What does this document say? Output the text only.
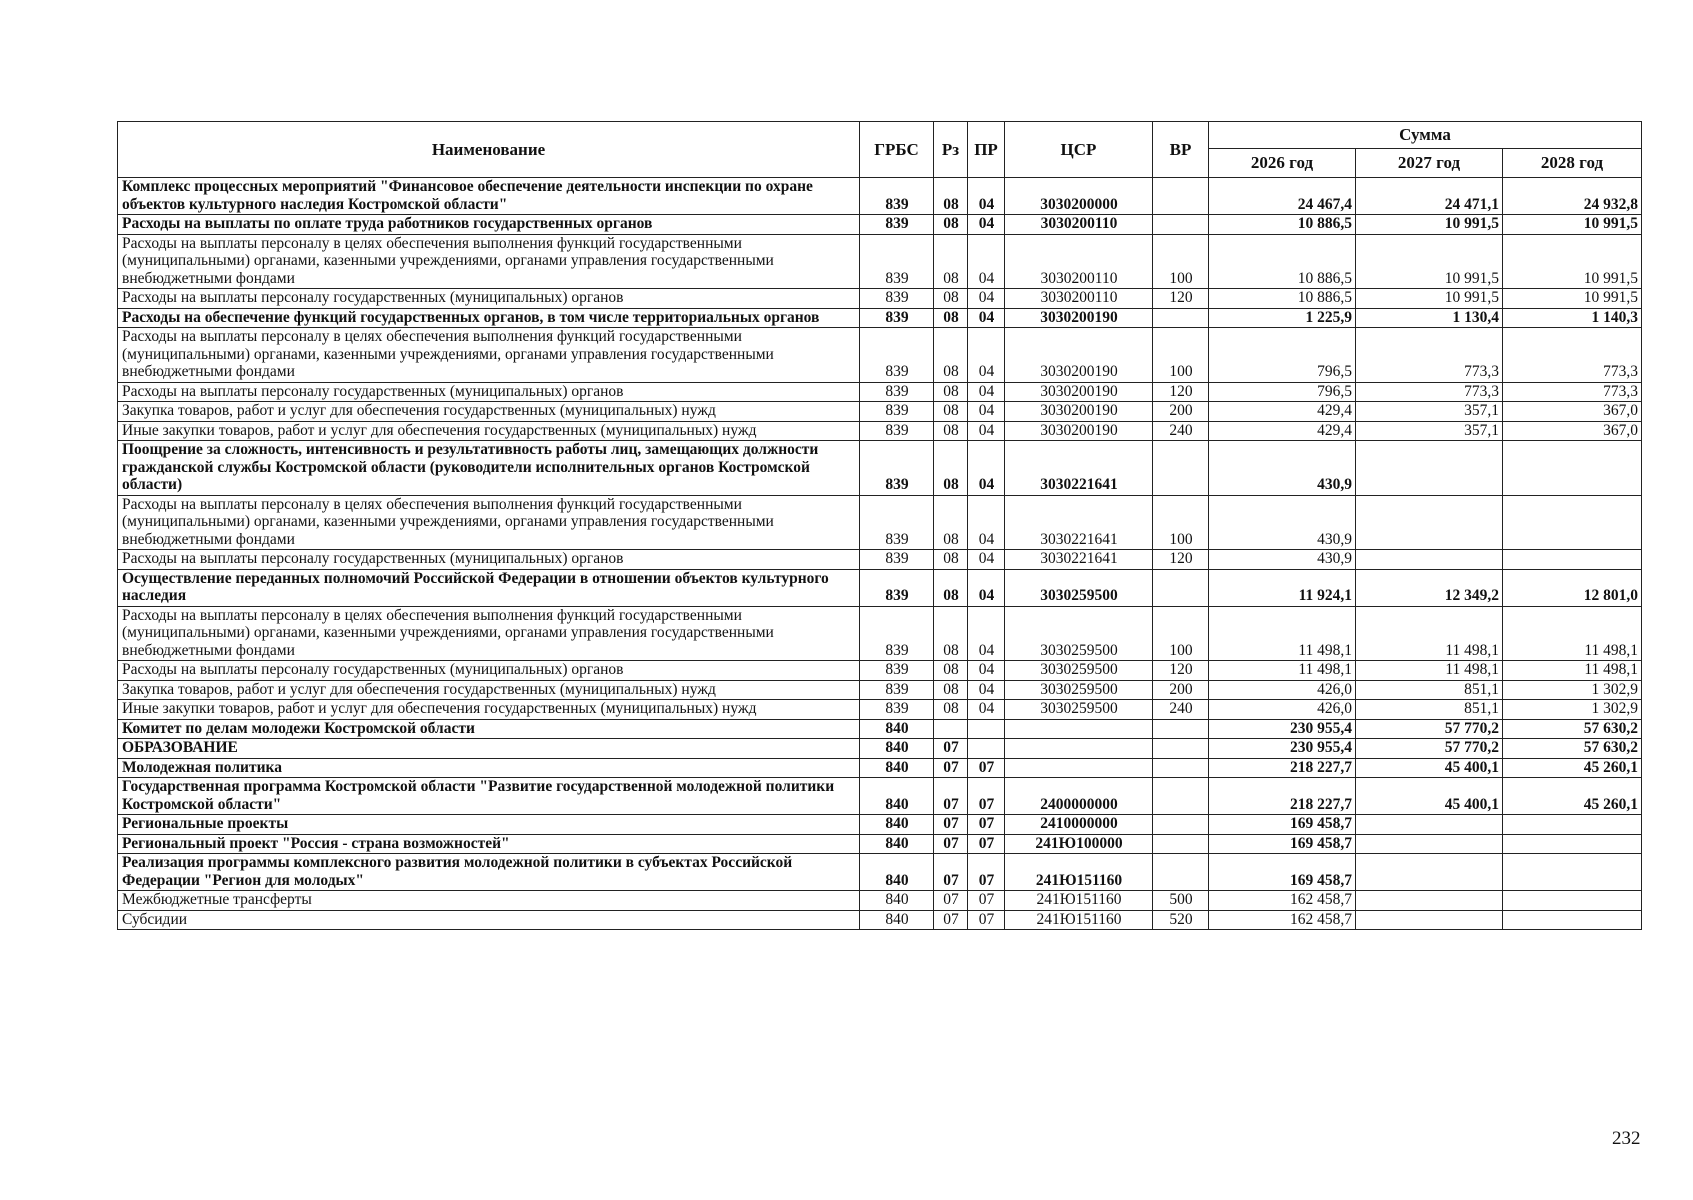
Наименование	ГРБС	Рз	ПР	ЦСР	ВР	Сумма		
						2026 год	2027 год	2028 год
Комплекс процессных мероприятий "Финансовое обеспечение деятельности инспекции по охране объектов культурного наследия Костромской области"	839	08	04	3030200000		24 467,4	24 471,1	24 932,8
Расходы на выплаты по оплате труда работников государственных органов	839	08	04	3030200110		10 886,5	10 991,5	10 991,5
Расходы на выплаты персоналу в целях обеспечения выполнения функций государственными (муниципальными) органами, казенными учреждениями, органами управления государственными внебюджетными фондами	839	08	04	3030200110	100	10 886,5	10 991,5	10 991,5
Расходы на выплаты персоналу государственных (муниципальных) органов	839	08	04	3030200110	120	10 886,5	10 991,5	10 991,5
Расходы на обеспечение функций государственных органов, в том числе территориальных органов	839	08	04	3030200190		1 225,9	1 130,4	1 140,3
Расходы на выплаты персоналу в целях обеспечения выполнения функций государственными (муниципальными) органами, казенными учреждениями, органами управления государственными внебюджетными фондами	839	08	04	3030200190	100	796,5	773,3	773,3
Расходы на выплаты персоналу государственных (муниципальных) органов	839	08	04	3030200190	120	796,5	773,3	773,3
Закупка товаров, работ и услуг для обеспечения государственных (муниципальных) нужд	839	08	04	3030200190	200	429,4	357,1	367,0
Иные закупки товаров, работ и услуг для обеспечения государственных (муниципальных) нужд	839	08	04	3030200190	240	429,4	357,1	367,0
Поощрение за сложность, интенсивность и результативность работы лиц, замещающих должности гражданской службы Костромской области (руководители исполнительных органов Костромской области)	839	08	04	3030221641		430,9		
Расходы на выплаты персоналу в целях обеспечения выполнения функций государственными (муниципальными) органами, казенными учреждениями, органами управления государственными внебюджетными фондами	839	08	04	3030221641	100	430,9		
Расходы на выплаты персоналу государственных (муниципальных) органов	839	08	04	3030221641	120	430,9		
Осуществление переданных полномочий Российской Федерации в отношении объектов культурного наследия	839	08	04	3030259500		11 924,1	12 349,2	12 801,0
Расходы на выплаты персоналу в целях обеспечения выполнения функций государственными (муниципальными) органами, казенными учреждениями, органами управления государственными внебюджетными фондами	839	08	04	3030259500	100	11 498,1	11 498,1	11 498,1
Расходы на выплаты персоналу государственных (муниципальных) органов	839	08	04	3030259500	120	11 498,1	11 498,1	11 498,1
Закупка товаров, работ и услуг для обеспечения государственных (муниципальных) нужд	839	08	04	3030259500	200	426,0	851,1	1 302,9
Иные закупки товаров, работ и услуг для обеспечения государственных (муниципальных) нужд	839	08	04	3030259500	240	426,0	851,1	1 302,9
Комитет по делам молодежи Костромской области	840					230 955,4	57 770,2	57 630,2
ОБРАЗОВАНИЕ	840	07				230 955,4	57 770,2	57 630,2
Молодежная политика	840	07	07			218 227,7	45 400,1	45 260,1
Государственная программа Костромской области "Развитие государственной молодежной политики Костромской области"	840	07	07	2400000000		218 227,7	45 400,1	45 260,1
Региональные проекты	840	07	07	2410000000		169 458,7		
Региональный проект "Россия - страна возможностей"	840	07	07	241Ю100000		169 458,7		
Реализация программы комплексного развития молодежной политики в субъектах Российской Федерации "Регион для молодых"	840	07	07	241Ю151160		169 458,7		
Межбюджетные трансферты	840	07	07	241Ю151160	500	162 458,7		
Субсидии	840	07	07	241Ю151160	520	162 458,7		
232
